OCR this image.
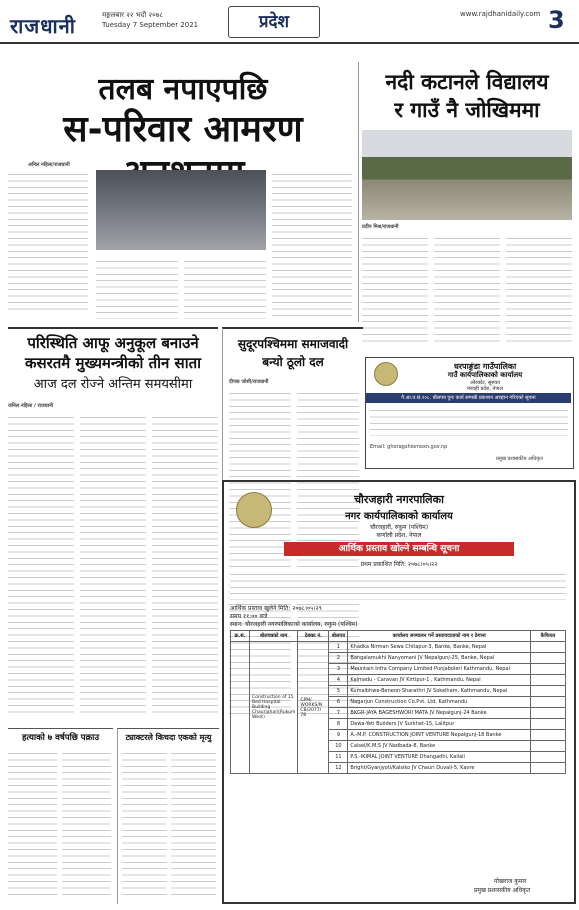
राजधानी	मङ्गलबार २२ भदौ २०७८
Tuesday 7 September 2021	प्रदेश	www.rajdhanidaily.com 3
तलब नपाएपछि
स-परिवार आमरण
अनिल नहिला/राजधानी
नदी कटानले विद्यालय
र गाउँ नै जोखिममा
प्रदीप मिश्र/राजधानी
परिस्थिति आफू अनुकूल बनाउने
कसरतमै मुख्यमन्त्रीको तीन साता
आज दल रोज्ने अन्तिम समयसीमा
जनिल नहिला / राजधानी
सुदूरपश्चिममा समाजवादी
बन्यो ठूलो दल
दीपक जोशी/राजधानी
धरपाङ्गंडा गाउँपालिका
गाउँ कार्यपालिकाको कार्यालय
ओरकोट, सुरुवत
मरवही प्रदेश, नेपाल
गै.आ.व.सं.२०८. बोलपत्र पुनः कार्य सम्पन्नी प्रकाशन आव्हान गरिएको सूचना
Email: ghoragshiomoxn.gov.np
प्रमुख प्रशासकीय अधिकृत
चौरजहारी नगरपालिका
नगर कार्यपालिकाको कार्यालय
चौरजहारी, रुकुम (पश्चिम)
कर्णाली प्रदेश, नेपाल
आर्थिक प्रस्ताव खोल्ने सम्बन्धि सूचना
प्रथम प्रकाशित मिति: २०७८।०५।२२
आर्थिक प्रस्ताव खुलेने मिति: २०७८।०५।२९
समय ११:०० बजे
स्थान: चौरजहारी नगरपालिकाको कार्यालय, रुकुम (पश्चिम)
क्र.सं.	बोलपत्रको नाम	ठेक्का नं.	बोलपत्र	कार्यालय सञ्चालन गर्ने प्रस्तावदाताको नाम र ठेगाना	कैफियत
	Construction of 15 Bed Hospital Building Chaurjahari(Rukum West)	CPM/ WORKS/N CB/2077/ 78	1	Khadka Nirman Sewa Chitapur-3, Banke, Banke, Nepal	
			2	Bangalamukhi Nanyomani JV Nepalgunj-25, Banke, Nepal	
			3	Mountain Infra Company Limited Punjaboleri Kathmandu, Nepal	
			4	Kalmadu - Caravan JV Kirtipur-1 , Kathmandu, Nepal	
			5	Kumaibhwe-Beneon-Sharathri JV Sokelham, Kathmandu, Nepal	
			6	Nagarjun Construction Co.Pvt. Ltd. Kathmandu	
			7	BKGR-JAYA BAGESHWORI MATA JV Nepalgunj-24 Banke	
			8	Dewa-Yeti Builders JV Surkhet-15, Lalitpur	
			9	A.-M.P. CONSTRUCTION JOINT VENTURE Nepalgunj-18 Banke	
			10	Calsel/K.M.S JV Nadbada-8, Banke	
			11	P.S.-IKIMAL JOINT VENTURE Dhangadhi, Kailali	
			12	Bright/Gyanjyoti/Kalsiko JV Chauri Duvali-5, Kavre	
पोखराज कुमार
प्रमुख प्रशासकीय अधिकृत
हत्याको ७ वर्षपछि पक्राउ	ट्याक्टरले किचदा एकको मृत्यु
